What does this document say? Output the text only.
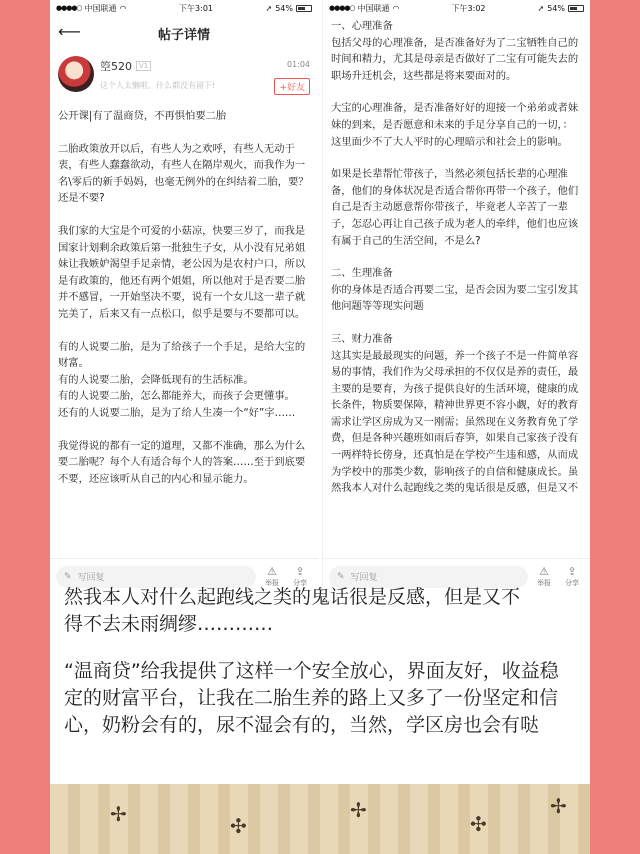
●●●●○ 中国联通 ◠	下午3:01	➚ 54%
⟵	帖子详情
箜520	V1
这个人太懒啦，什么都没有留下!
01:04
+好友

公开课|有了温商贷，不再惧怕要二胎

二胎政策放开以后，有些人为之欢呼，有些人无动于衷，有些人蠢蠢欲动，有些人在隔岸观火，而我作为一名\零后的新手妈妈，也毫无例外的在纠结着二胎，要？还是不要?

我们家的大宝是个可爱的小菇凉，快要三岁了，而我是国家计划剩余政策后第一批独生子女，从小没有兄弟姐妹让我嫉妒渴望手足亲情，老公因为是农村户口，所以是有政策的，他还有两个姐姐，所以他对于是否要二胎并不感冒，一开始坚决不要，说有一个女儿这一辈子就完美了，后来又有一点松口，似乎是要与不要都可以。

有的人说要二胎，是为了给孩子一个手足，是给大宝的财富。

有的人说要二胎，会降低现有的生活标准。

有的人说要二胎，怎么都能养大，而孩子会更懂事。

还有的人说要二胎，是为了给人生凑一个“好”字……

我觉得说的都有一定的道理，又都不准确，那么为什么要二胎呢？每个人有适合每个人的答案……至于到底要不要，还应该听从自己的内心和显示能力。

✎ 写回复
⚠
举报
⇪
分享
●●●●○ 中国联通 ◠	下午3:02	➚ 54%

一、心理准备

包括父母的心理准备，是否准备好为了二宝牺牲自己的时间和精力，尤其是母亲是否做好了二宝有可能失去的职场升迁机会，这些都是将来要面对的。

大宝的心理准备，是否准备好好的迎接一个弟弟或者妹妹的到来，是否愿意和未来的手足分享自己的一切，：这里面少不了大人平时的心理暗示和社会上的影响。

如果是长辈帮忙带孩子，当然必须包括长辈的心理准备，他们的身体状况是否适合帮你再带一个孩子，他们自己是否主动愿意帮你带孩子，毕竟老人辛苦了一辈子，怎忍心再让自己孩子成为老人的牵绊，他们也应该有属于自己的生活空间，不是么?

二、生理准备

你的身体是否适合再要二宝，是否会因为要二宝引发其他问题等等现实问题

三、财力准备

这其实是最最现实的问题，养一个孩子不是一件简单容易的事情，我们作为父母承担的不仅仅是养的责任，最主要的是要育，为孩子提供良好的生活环境，健康的成长条件，物质要保障，精神世界更不容小觑，好的教育需求让学区房成为又一刚需；虽然现在义务教育免了学费，但是各种兴趣班如雨后春笋，如果自己家孩子没有一两样特长傍身，还真怕是在学校产生违和感，从而成为学校中的那类少数，影响孩子的自信和健康成长。虽然我本人对什么起跑线之类的鬼话很是反感，但是又不

✎ 写回复
⚠
举报
⇪
分享
然我本人对什么起跑线之类的鬼话很是反感，但是又不
得不去未雨绸缪…………
“温商贷”给我提供了这样一个安全放心，界面友好，收益稳定的财富平台，让我在二胎生养的路上又多了一份坚定和信心，奶粉会有的，尿不湿会有的，当然，学区房也会有哒
✢	✣
✢
✣
✢
